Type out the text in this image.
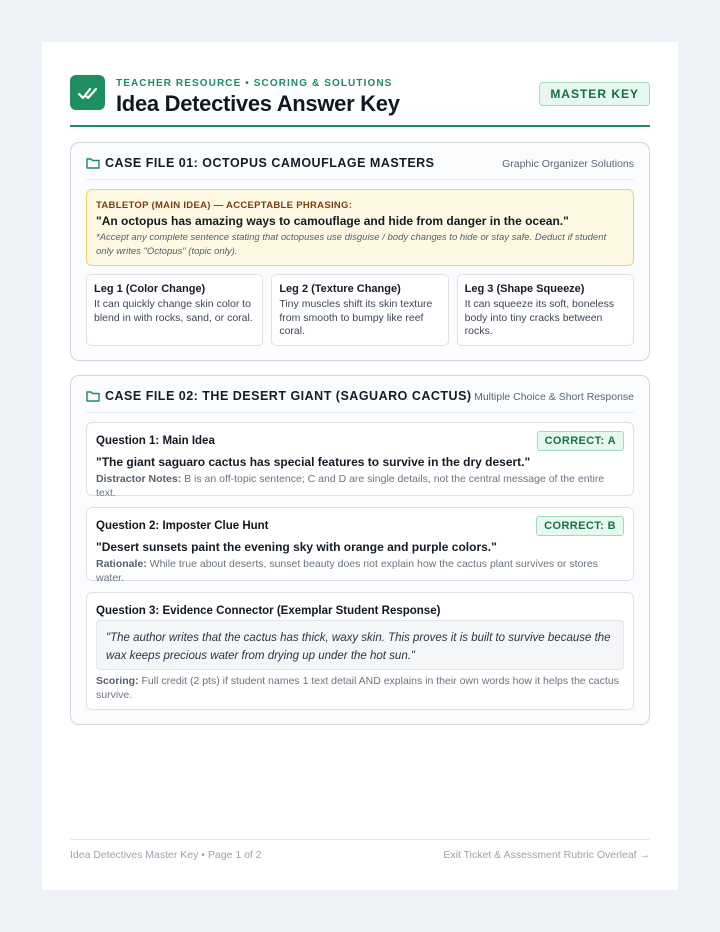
TEACHER RESOURCE • SCORING & SOLUTIONS
Idea Detectives Answer Key	MASTER KEY
CASE FILE 01: OCTOPUS CAMOUFLAGE MASTERS	Graphic Organizer Solutions
TABLETOP (MAIN IDEA) — ACCEPTABLE PHRASING:
"An octopus has amazing ways to camouflage and hide from danger in the ocean."
*Accept any complete sentence stating that octopuses use disguise / body changes to hide or stay safe. Deduct if student only writes "Octopus" (topic only).
Leg 1 (Color Change)
It can quickly change skin color to blend in with rocks, sand, or coral.
Leg 2 (Texture Change)
Tiny muscles shift its skin texture from smooth to bumpy like reef coral.
Leg 3 (Shape Squeeze)
It can squeeze its soft, boneless body into tiny cracks between rocks.
CASE FILE 02: THE DESERT GIANT (SAGUARO CACTUS) Multiple Choice & Short Response
Question 1: Main Idea	CORRECT: A
"The giant saguaro cactus has special features to survive in the dry desert."
Distractor Notes: B is an off-topic sentence; C and D are single details, not the central message of the entire text.
Question 2: Imposter Clue Hunt	CORRECT: B
"Desert sunsets paint the evening sky with orange and purple colors."
Rationale: While true about deserts, sunset beauty does not explain how the cactus plant survives or stores water.
Question 3: Evidence Connector (Exemplar Student Response)
"The author writes that the cactus has thick, waxy skin. This proves it is built to survive because the wax keeps precious water from drying up under the hot sun."
Scoring: Full credit (2 pts) if student names 1 text detail AND explains in their own words how it helps the cactus survive.
Idea Detectives Master Key • Page 1 of 2	Exit Ticket & Assessment Rubric Overleaf →
